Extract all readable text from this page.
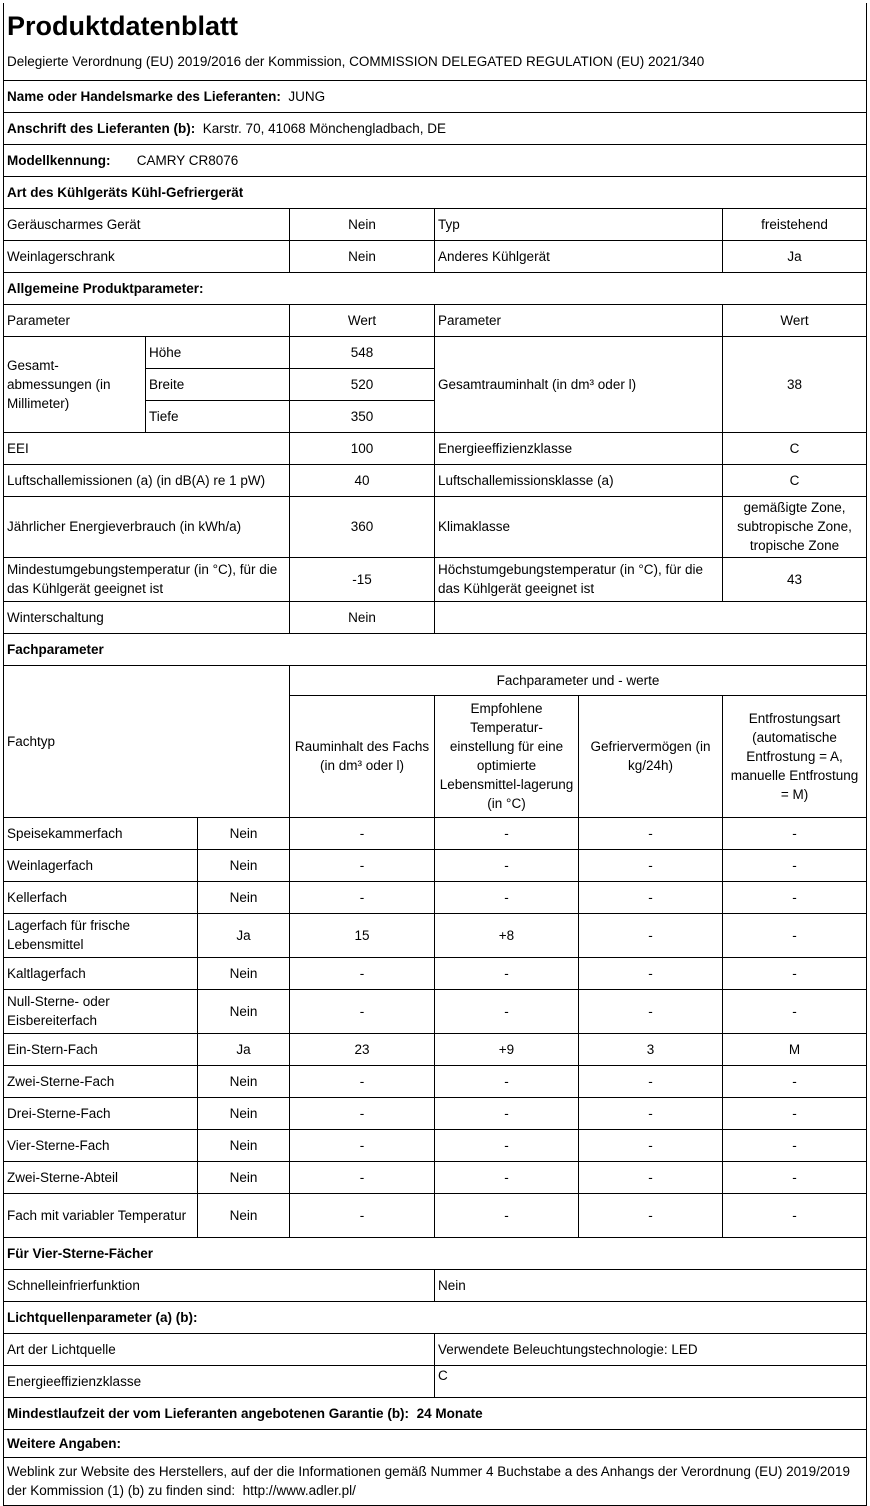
Produktdatenblatt						
Delegierte Verordnung (EU) 2019/2016 der Kommission, COMMISSION DELEGATED REGULATION (EU) 2021/340						
Name oder Handelsmarke des Lieferanten: JUNG						
Anschrift des Lieferanten (b): Karstr. 70, 41068 Mönchengladbach, DE						
Modellkennung: CAMRY CR8076						
Art des Kühlgeräts Kühl-Gefriergerät						
Geräuscharmes Gerät			Nein	Typ		freistehend
Weinlagerschrank			Nein	Anderes Kühlgerät		Ja
Allgemeine Produktparameter:						
Parameter			Wert	Parameter		Wert
Gesamt-abmessungen (in Millimeter)	Höhe		548	Gesamtrauminhalt (in dm³ oder l)		38
	Breite		520			
	Tiefe		350			
EEI			100	Energieeffizienzklasse		C
Luftschallemissionen (a) (in dB(A) re 1 pW)			40	Luftschallemissionsklasse (a)		C
Jährlicher Energieverbrauch (in kWh/a)			360	Klimaklasse		gemäßigte Zone, subtropische Zone, tropische Zone
Mindestumgebungstemperatur (in °C), für die das Kühlgerät geeignet ist			-15	Höchstumgebungstemperatur (in °C), für die das Kühlgerät geeignet ist		43
Winterschaltung			Nein			
Fachparameter						
Fachtyp			Fachparameter und - werte			
			Rauminhalt des Fachs (in dm³ oder l)	Empfohlene Temperatur-einstellung für eine optimierte Lebensmittel-lagerung (in °C)	Gefriervermögen (in kg/24h)	Entfrostungsart (automatische Entfrostung = A, manuelle Entfrostung = M)
Speisekammerfach		Nein	-	-	-	-
Weinlagerfach		Nein	-	-	-	-
Kellerfach		Nein	-	-	-	-
Lagerfach für frische Lebensmittel		Ja	15	+8	-	-
Kaltlagerfach		Nein	-	-	-	-
Null-Sterne- oder Eisbereiterfach		Nein	-	-	-	-
Ein-Stern-Fach		Ja	23	+9	3	M
Zwei-Sterne-Fach		Nein	-	-	-	-
Drei-Sterne-Fach		Nein	-	-	-	-
Vier-Sterne-Fach		Nein	-	-	-	-
Zwei-Sterne-Abteil		Nein	-	-	-	-
Fach mit variabler Temperatur		Nein	-	-	-	-
Für Vier-Sterne-Fächer						
Schnelleinfrierfunktion				Nein		
Lichtquellenparameter (a) (b):						
Art der Lichtquelle				Verwendete Beleuchtungstechnologie: LED		
Energieeffizienzklasse				C		
Mindestlaufzeit der vom Lieferanten angebotenen Garantie (b): 24 Monate						
Weitere Angaben:						
Weblink zur Website des Herstellers, auf der die Informationen gemäß Nummer 4 Buchstabe a des Anhangs der Verordnung (EU) 2019/2019 der Kommission (1) (b) zu finden sind: http://www.adler.pl/						
